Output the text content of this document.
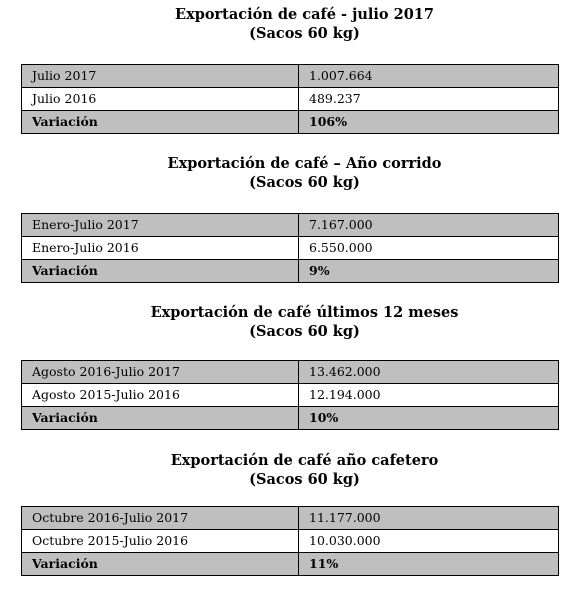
Exportación de café - julio 2017
(Sacos 60 kg)
Julio 2017	1.007.664
Julio 2016	489.237
Variación	106%
Exportación de café – Año corrido
(Sacos 60 kg)
Enero-Julio 2017	7.167.000
Enero-Julio 2016	6.550.000
Variación	9%
Exportación de café últimos 12 meses
(Sacos 60 kg)
Agosto 2016-Julio 2017	13.462.000
Agosto 2015-Julio 2016	12.194.000
Variación	10%
Exportación de café año cafetero
(Sacos 60 kg)
Octubre 2016-Julio 2017	11.177.000
Octubre 2015-Julio 2016	10.030.000
Variación	11%
